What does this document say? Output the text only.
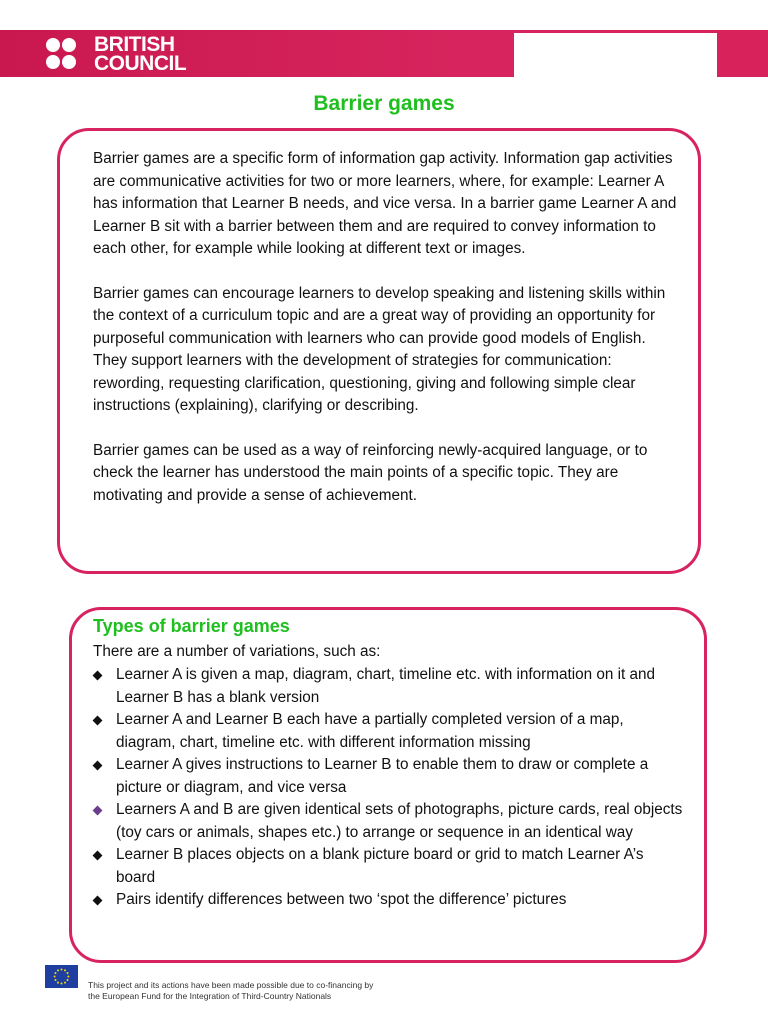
BRITISH
COUNCIL
Barrier games

Barrier games are a specific form of information gap activity. Information gap activities are communicative activities for two or more learners, where, for example: Learner A has information that Learner B needs, and vice versa. In a barrier game Learner A and Learner B sit with a barrier between them and are required to convey information to each other, for example while looking at different text or images.

Barrier games can encourage learners to develop speaking and listening skills within the context of a curriculum topic and are a great way of providing an opportunity for purposeful communication with learners who can provide good models of English. They support learners with the development of strategies for communication: rewording, requesting clarification, questioning, giving and following simple clear instructions (explaining), clarifying or describing.

Barrier games can be used as a way of reinforcing newly-acquired language, or to check the learner has understood the main points of a specific topic. They are motivating and provide a sense of achievement.

Types of barrier games
There are a number of variations, such as:
Learner A is given a map, diagram, chart, timeline etc. with information on it and Learner B has a blank version
Learner A and Learner B each have a partially completed version of a map, diagram, chart, timeline etc. with different information missing
Learner A gives instructions to Learner B to enable them to draw or complete a picture or diagram, and vice versa
Learners A and B are given identical sets of photographs, picture cards, real objects (toy cars or animals, shapes etc.) to arrange or sequence in an identical way
Learner B places objects on a blank picture board or grid to match Learner A’s board
Pairs identify differences between two ‘spot the difference’ pictures
This project and its actions have been made possible due to co-financing by
the European Fund for the Integration of Third-Country Nationals
